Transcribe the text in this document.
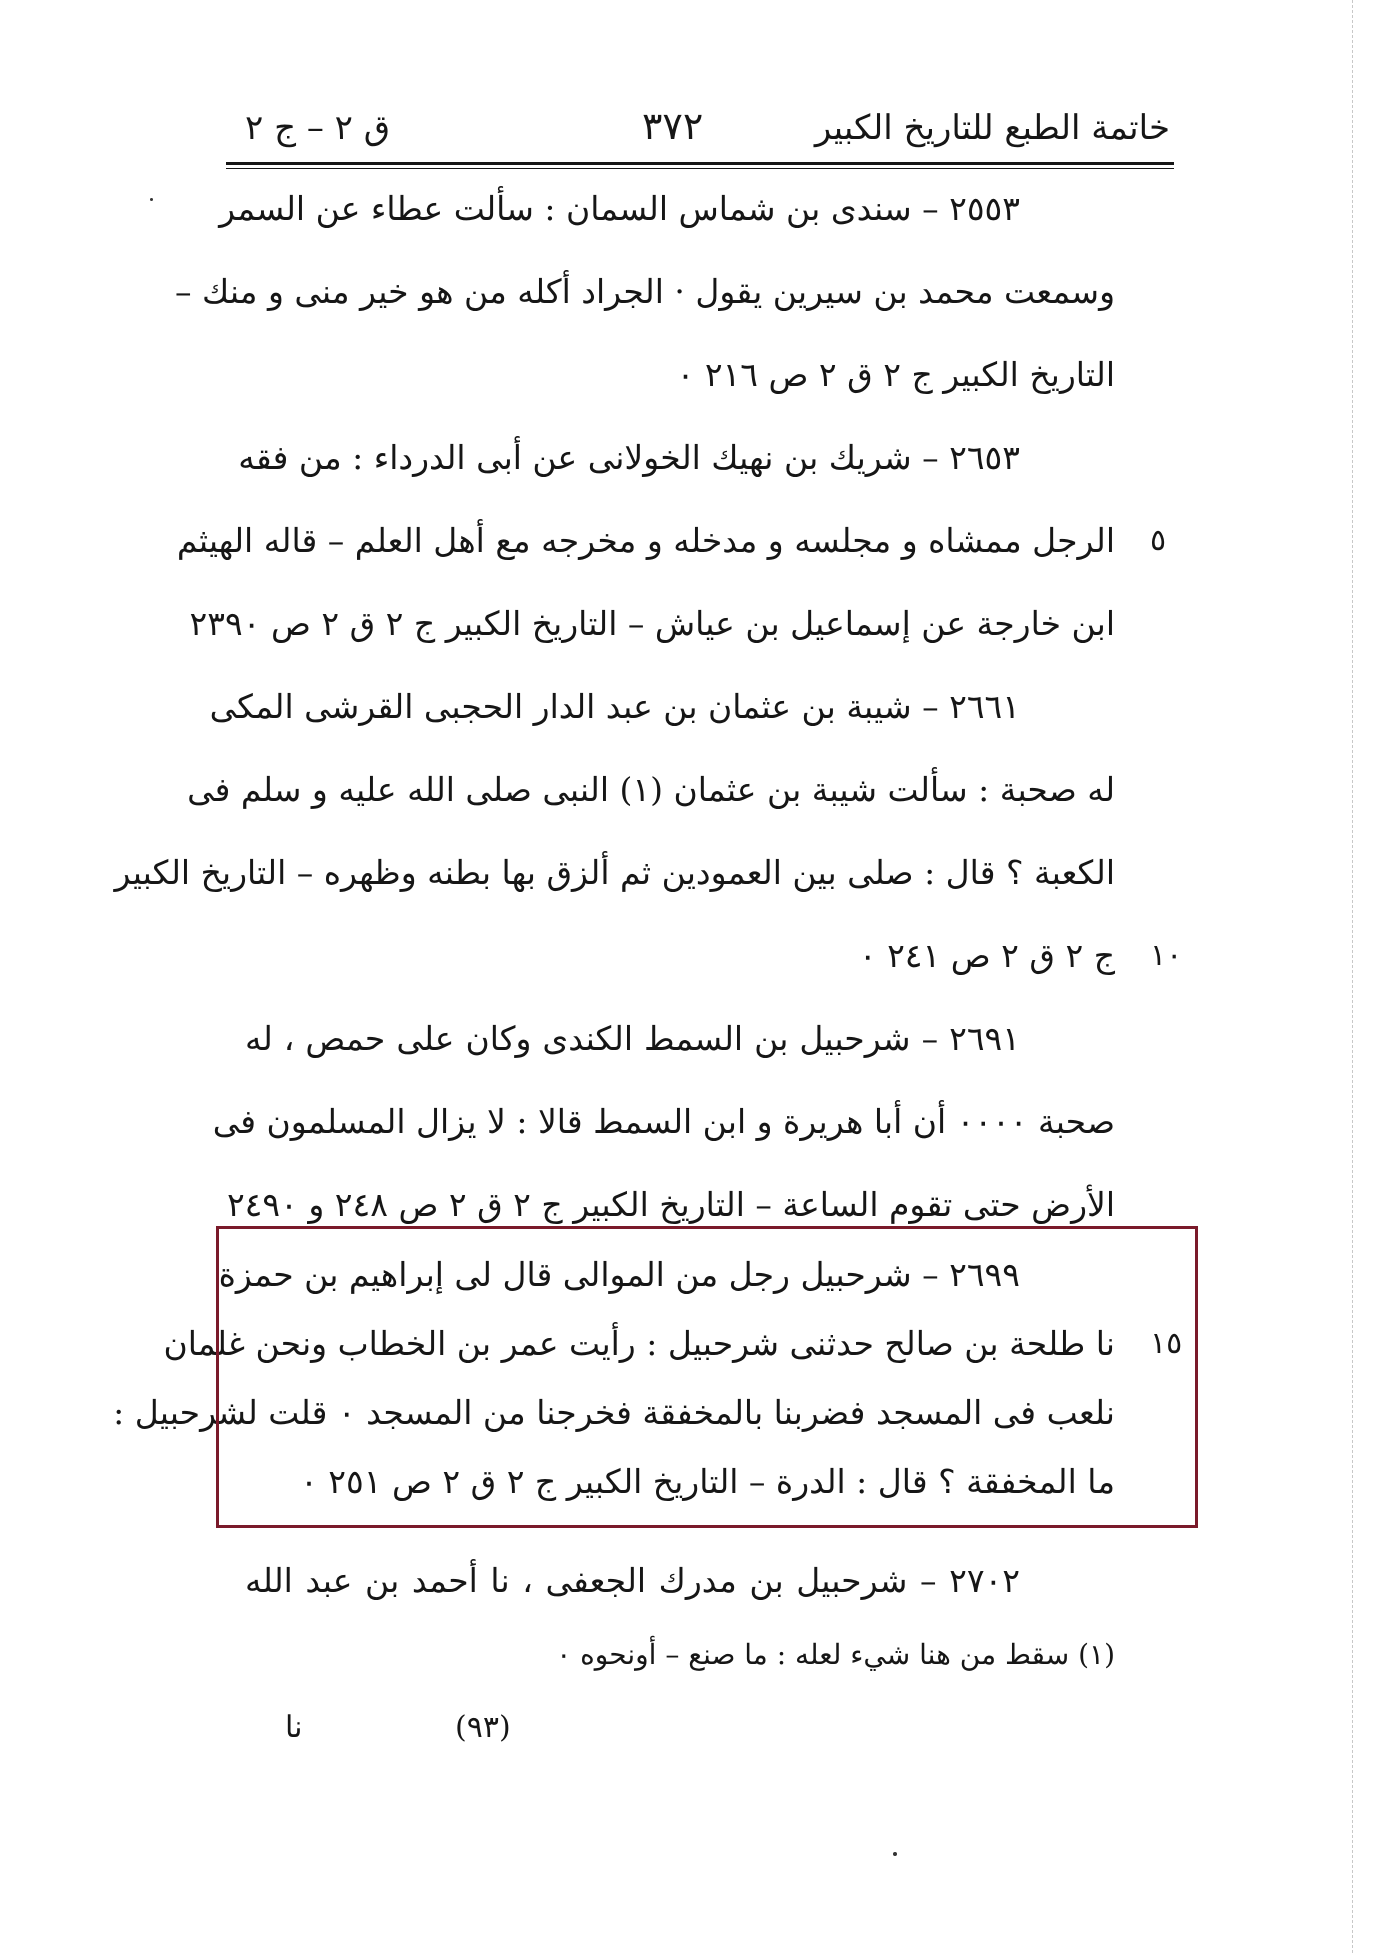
خاتمة الطبع للتاريخ الكبير
٣٧٢
ق ٢ – ج ٢
٢٥٥٣ – سندى بن شماس السمان : سألت عطاء عن السمر
وسمعت محمد بن سيرين يقول · الجراد أكله من هو خير منى و منك –
التاريخ الكبير ج ٢ ق ٢ ص ٢١٦ ٠
٢٦٥٣ – شريك بن نهيك الخولانى عن أبى الدرداء : من فقه
الرجل ممشاه و مجلسه و مدخله و مخرجه مع أهل العلم – قاله الهيثم
ابن خارجة عن إسماعيل بن عياش – التاريخ الكبير ج ٢ ق ٢ ص ٢٣٩٠
٢٦٦١ – شيبة بن عثمان بن عبد الدار الحجبى القرشى المكى
له صحبة : سألت شيبة بن عثمان (١) النبى صلى الله عليه و سلم فى
الكعبة ؟ قال : صلى بين العمودين ثم ألزق بها بطنه وظهره – التاريخ الكبير
ج ٢ ق ٢ ص ٢٤١ ٠
٢٦٩١ – شرحبيل بن السمط الكندى وكان على حمص ، له
صحبة ٠٠٠٠ أن أبا هريرة و ابن السمط قالا : لا يزال المسلمون فى
الأرض حتى تقوم الساعة – التاريخ الكبير ج ٢ ق ٢ ص ٢٤٨ و ٢٤٩٠
٢٦٩٩ – شرحبيل رجل من الموالى قال لى إبراهيم بن حمزة
نا طلحة بن صالح حدثنى شرحبيل : رأيت عمر بن الخطاب ونحن غلمان
نلعب فى المسجد فضربنا بالمخفقة فخرجنا من المسجد ٠ قلت لشرحبيل :
ما المخفقة ؟ قال : الدرة – التاريخ الكبير ج ٢ ق ٢ ص ٢٥١ ٠
٢٧٠٢ – شرحبيل بن مدرك الجعفى ، نا أحمد بن عبد الله
٥
١٠
١٥
(١) سقط من هنا شيء لعله : ما صنع – أونحوه ٠
(٩٣)
نا
